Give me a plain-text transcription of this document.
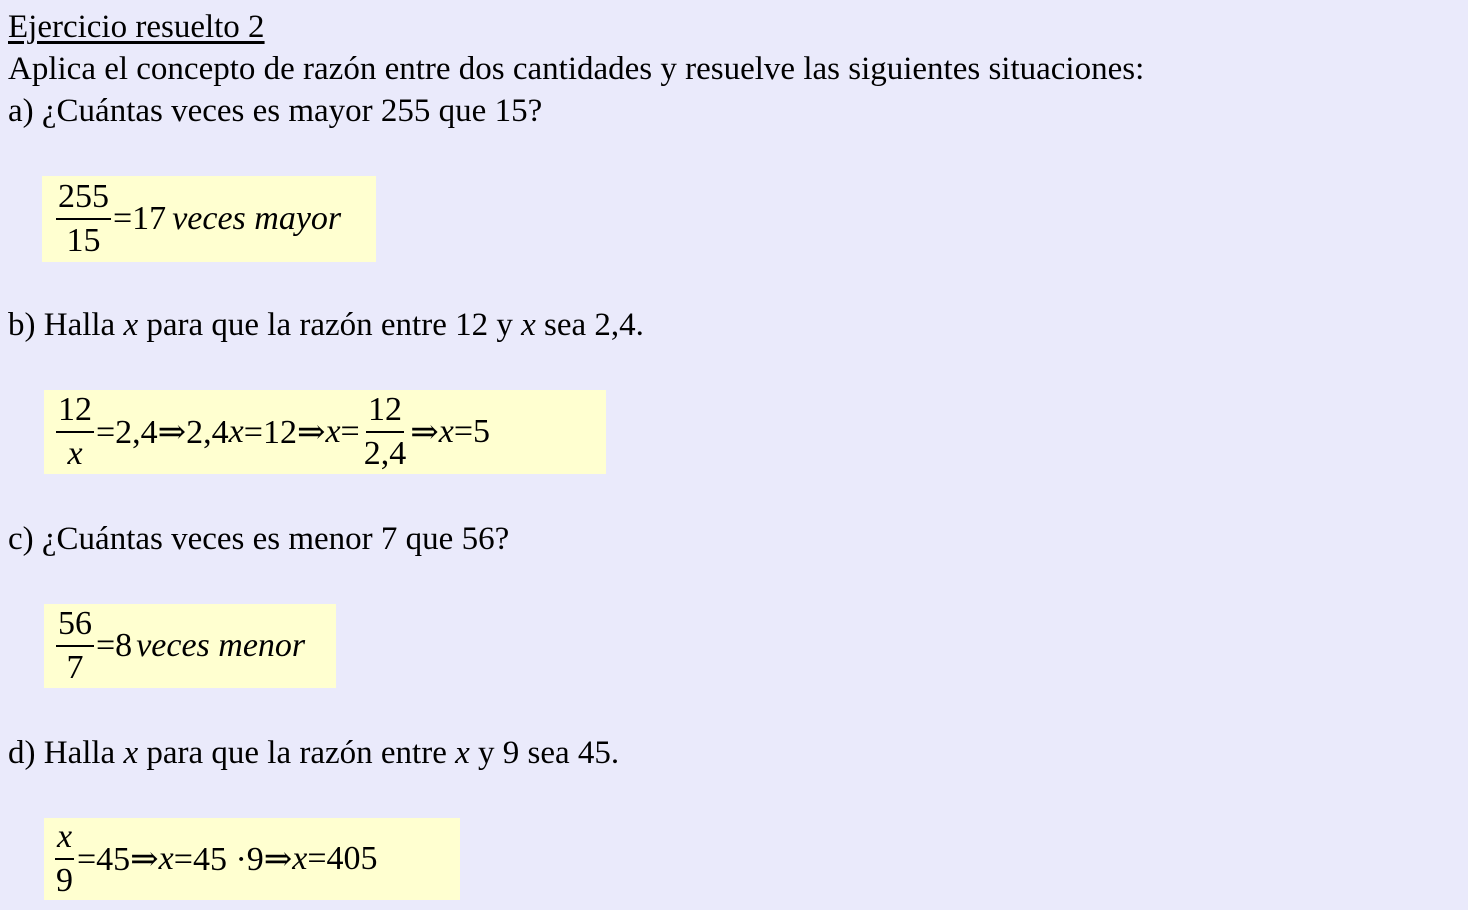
Ejercicio resuelto 2
Aplica el concepto de razón entre dos cantidades y resuelve las siguientes situaciones:
a) ¿Cuántas veces es mayor 255 que 15?
$\frac{255}{15} =17$ veces mayor
b) Halla x para que la razón entre 12 y x sea 2,4.
$\frac{12}{x}$ =2,4⇒2,4 x =12⇒ $x = \frac{12}{2,4}$ ⇒ x =5
c) ¿Cuántas veces es menor 7 que 56?
$\frac{56}{7} =8$ veces menor
d) Halla x para que la razón entre x y 9 sea 45.
$\frac{x}{9}$ =45⇒ x =45 ·9⇒ x =405
